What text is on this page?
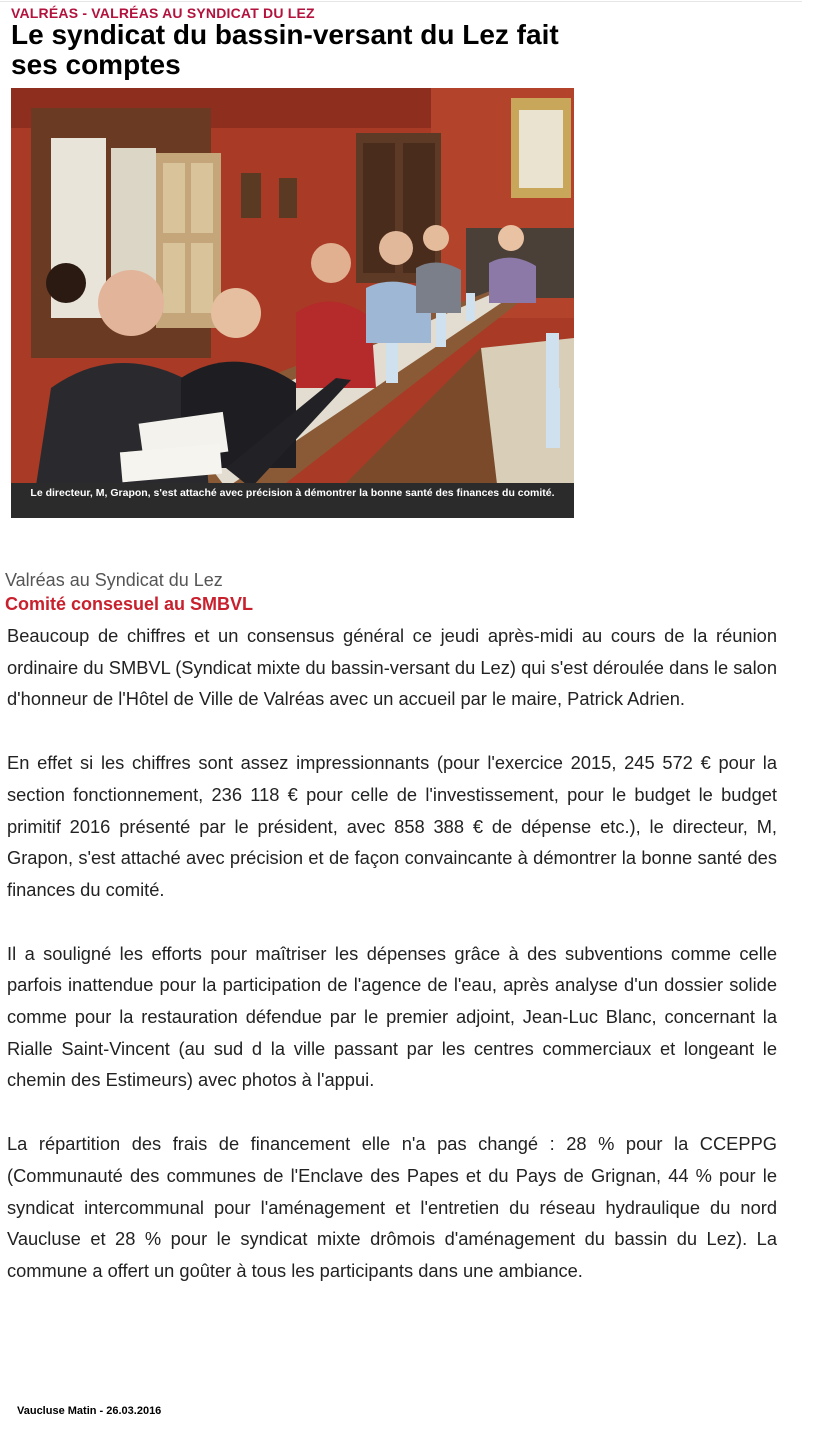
VALRÉAS - VALRÉAS AU SYNDICAT DU LEZ
Le syndicat du bassin-versant du Lez fait ses comptes
Le directeur, M, Grapon, s'est attaché avec précision à démontrer la bonne santé des finances du comité.
Valréas au Syndicat du Lez
Comité consesuel au SMBVL

Beaucoup de chiffres et un consensus général ce jeudi après-midi au cours de la réunion ordinaire du SMBVL (Syndicat mixte du bassin-versant du Lez) qui s'est déroulée dans le salon d'honneur de l'Hôtel de Ville de Valréas avec un accueil par le maire, Patrick Adrien.

En effet si les chiffres sont assez impressionnants (pour l'exercice 2015, 245 572 € pour la section fonctionnement, 236 118 € pour celle de l'investissement, pour le budget le budget primitif 2016 présenté par le président, avec 858 388 € de dépense etc.), le directeur, M, Grapon, s'est attaché avec précision et de façon convaincante à démontrer la bonne santé des finances du comité.

Il a souligné les efforts pour maîtriser les dépenses grâce à des subventions comme celle parfois inattendue pour la participation de l'agence de l'eau, après analyse d'un dossier solide comme pour la restauration défendue par le premier adjoint, Jean-Luc Blanc, concernant la Rialle Saint-Vincent (au sud d la ville passant par les centres commerciaux et longeant le chemin des Estimeurs) avec photos à l'appui.

La répartition des frais de financement elle n'a pas changé : 28 % pour la CCEPPG (Communauté des communes de l'Enclave des Papes et du Pays de Grignan, 44 % pour le syndicat intercommunal pour l'aménagement et l'entretien du réseau hydraulique du nord Vaucluse et 28 % pour le syndicat mixte drômois d'aménagement du bassin du Lez). La commune a offert un goûter à tous les participants dans une ambiance.

Vaucluse Matin - 26.03.2016
